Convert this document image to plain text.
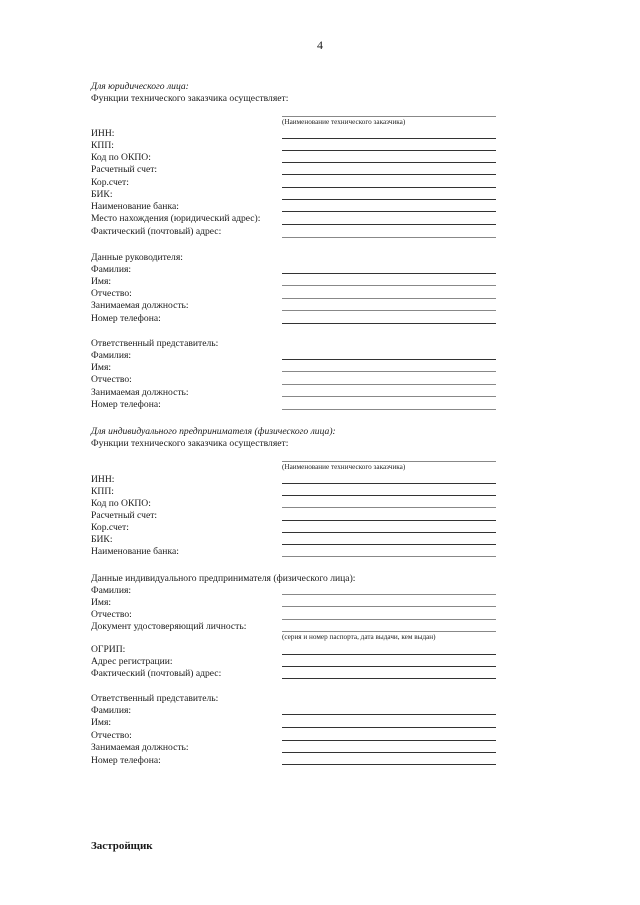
4
Для юридического лица:
Функции технического заказчика осуществляет:
(Наименование технического заказчика)
ИНН:
КПП:
Код по ОКПО:
Расчетный счет:
Кор.счет:
БИК:
Наименование банка:
Место нахождения (юридический адрес):
Фактический (почтовый) адрес:
Данные руководителя:
Фамилия:
Имя:
Отчество:
Занимаемая должность:
Номер телефона:
Ответственный представитель:
Фамилия:
Имя:
Отчество:
Занимаемая должность:
Номер телефона:
Для индивидуального предпринимателя (физического лица):
Функции технического заказчика осуществляет:
(Наименование технического заказчика)
ИНН:
КПП:
Код по ОКПО:
Расчетный счет:
Кор.счет:
БИК:
Наименование банка:
Данные индивидуального предпринимателя (физического лица):
Фамилия:
Имя:
Отчество:
Документ удостоверяющий личность:
(серия и номер паспорта, дата выдачи, кем выдан)
ОГРИП:
Адрес регистрации:
Фактический (почтовый) адрес:
Ответственный представитель:
Фамилия:
Имя:
Отчество:
Занимаемая должность:
Номер телефона:
Застройщик
